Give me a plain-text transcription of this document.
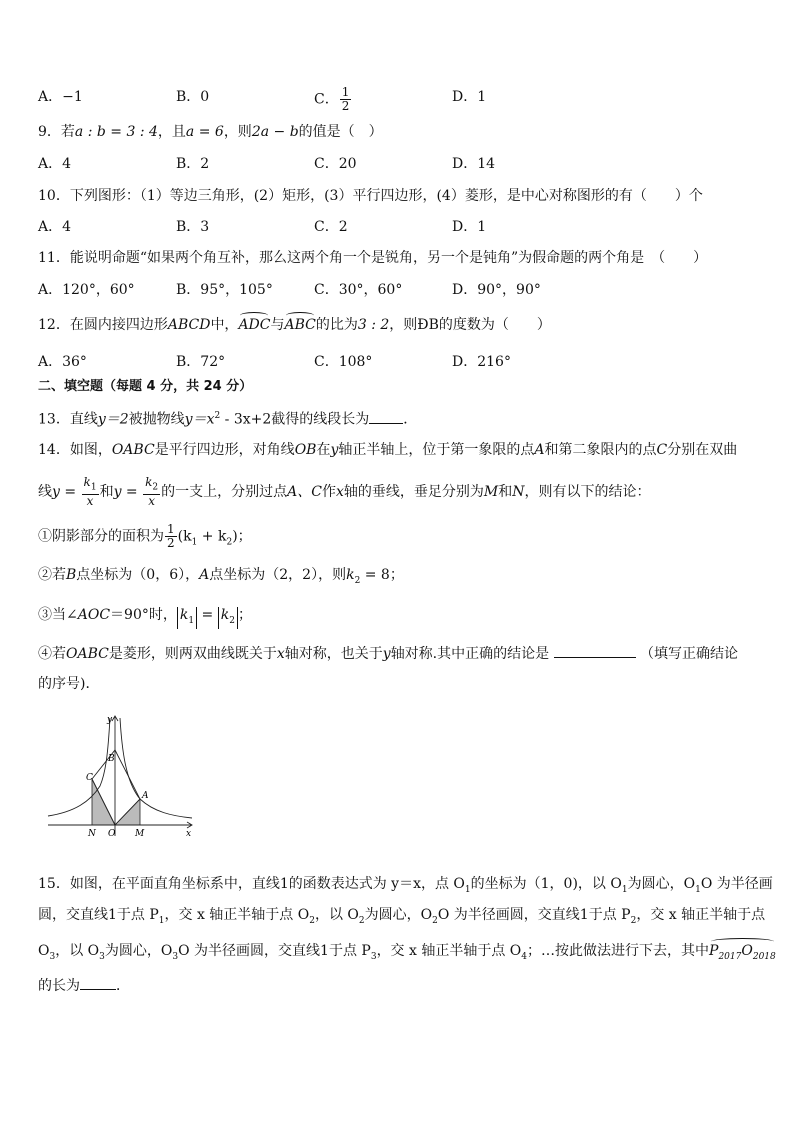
A．−1	B．0	C． $\frac{1}{2}$	D．1
9．若a : b = 3 : 4，且a = 6，则2a − b的值是（　）
A．4	B．2	C．20	D．14
10．下列图形：（1）等边三角形，(2）矩形，(3）平行四边形，(4）菱形，是中心对称图形的有（　　）个
A．4	B．3	C．2	D．1
11．能说明命题“如果两个角互补，那么这两个角一个是锐角，另一个是钝角”为假命题的两个角是　（　　）
A．120°，60°	B．95°，105°	C．30°，60°	D．90°，90°
12．在圆内接四边形ABCD中，ADC与ABC的比为3 : 2，则ÐB的度数为（　　）
A．36°	B．72°	C．108°	D．216°
二、填空题（每题 4 分，共 24 分）
13．直线y＝2被抛物线$y=x^2 - 3x+2$截得的线段长为 ．
14．如图，OABC是平行四边形，对角线OB在y轴正半轴上，位于第一象限的点A和第二象限内的点C分别在双曲
线$y = \frac{k_1}{x}$ 和$y = \frac{k_2}{x}$ 的一支上，分别过点A、C作x轴的垂线，垂足分别为M和N，则有以下的结论：
①阴影部分的面积为 $\frac{1}{2} (k_1 + k_2)$；
②若B点坐标为（0，6），A点坐标为（2，2），则$k_2 = 8$；
③当∠AOC＝90°时， $k_1 = k_2$ ；
④若OABC是菱形，则两双曲线既关于x轴对称，也关于y轴对称.其中正确的结论是	（填写正确结论
的序号)．
y
x
B
C
A
N O M
15．如图，在平面直角坐标系中，直线1的函数表达式为 y＝x，点 $O_1$的坐标为（1，0)，以 $O_1$为圆心，$O_1O$ 为半径画
圆，交直线1于点 $P_1$，交 x 轴正半轴于点 $O_2$，以 $O_2$为圆心，$O_2O$ 为半径画圆，交直线1于点 $P_2$，交 x 轴正半轴于点
$O_3$，以 $O_3$为圆心，$O_3O$ 为半径画圆，交直线1于点 $P_3$，交 x 轴正半轴于点 $O_4$；…按此做法进行下去，其中$P_{2017}O_{2018}$
的长为	．
